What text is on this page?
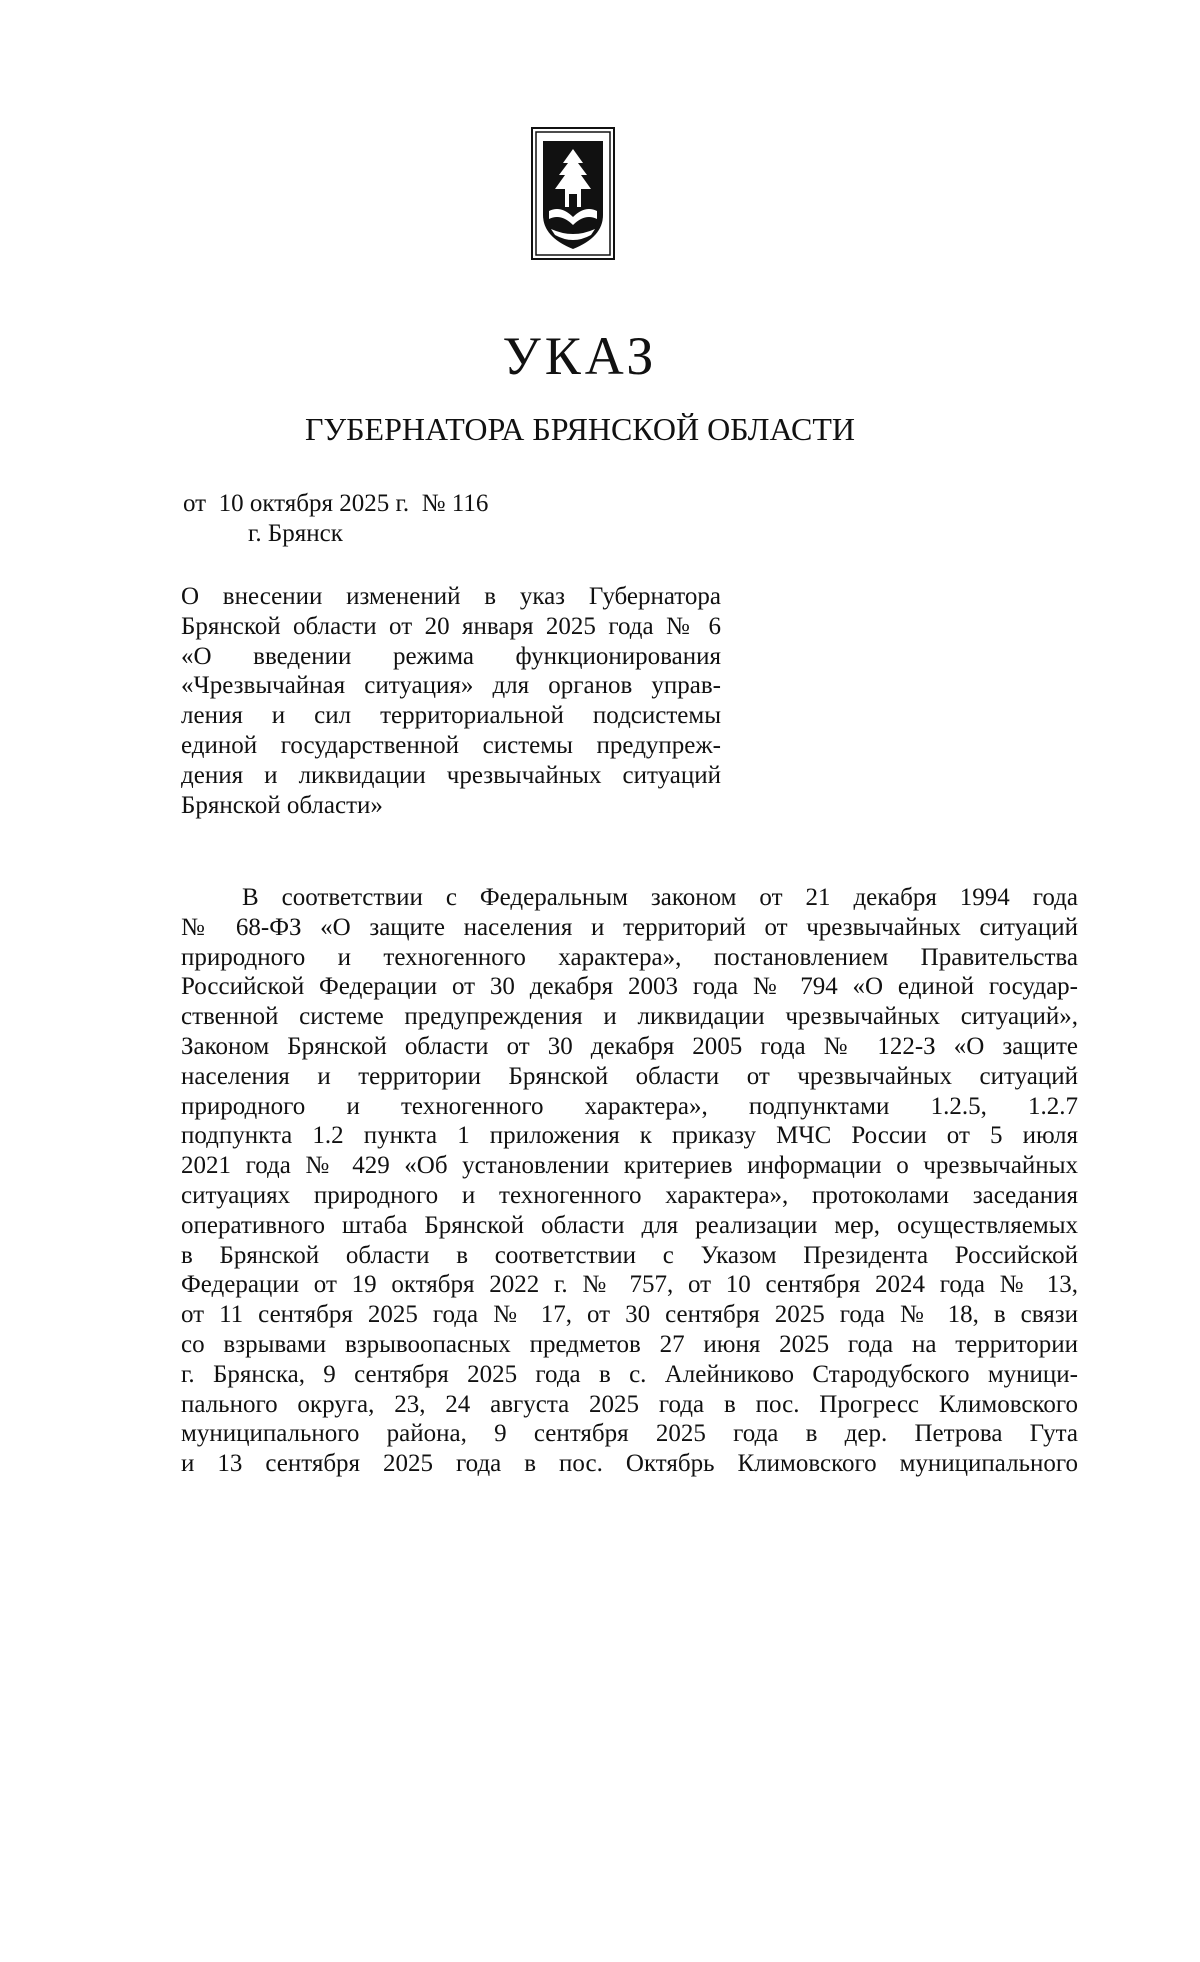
УКАЗ
ГУБЕРНАТОРА БРЯНСКОЙ ОБЛАСТИ
от  10 октября 2025 г.  № 116
г. Брянск
О внесении изменений в указ Губернатора
Брянской области от 20 января 2025 года № 6
«О введении режима функционирования
«Чрезвычайная ситуация» для органов управ-
ления и сил территориальной подсистемы
единой государственной системы предупреж-
дения и ликвидации чрезвычайных ситуаций
Брянской области»
В соответствии с Федеральным законом от 21 декабря 1994 года
№ 68-ФЗ «О защите населения и территорий от чрезвычайных ситуаций
природного и техногенного характера», постановлением Правительства
Российской Федерации от 30 декабря 2003 года № 794 «О единой государ-
ственной системе предупреждения и ликвидации чрезвычайных ситуаций»,
Законом Брянской области от 30 декабря 2005 года № 122-З «О защите
населения и территории Брянской области от чрезвычайных ситуаций
природного и техногенного характера», подпунктами 1.2.5, 1.2.7
подпункта 1.2 пункта 1 приложения к приказу МЧС России от 5 июля
2021 года № 429 «Об установлении критериев информации о чрезвычайных
ситуациях природного и техногенного характера», протоколами заседания
оперативного штаба Брянской области для реализации мер, осуществляемых
в Брянской области в соответствии с Указом Президента Российской
Федерации от 19 октября 2022 г. № 757, от 10 сентября 2024 года № 13,
от 11 сентября 2025 года № 17, от 30 сентября 2025 года № 18, в связи
со взрывами взрывоопасных предметов 27 июня 2025 года на территории
г. Брянска, 9 сентября 2025 года в с. Алейниково Стародубского муници-
пального округа, 23, 24 августа 2025 года в пос. Прогресс Климовского
муниципального района, 9 сентября 2025 года в дер. Петрова Гута
и 13 сентября 2025 года в пос. Октябрь Климовского муниципального
